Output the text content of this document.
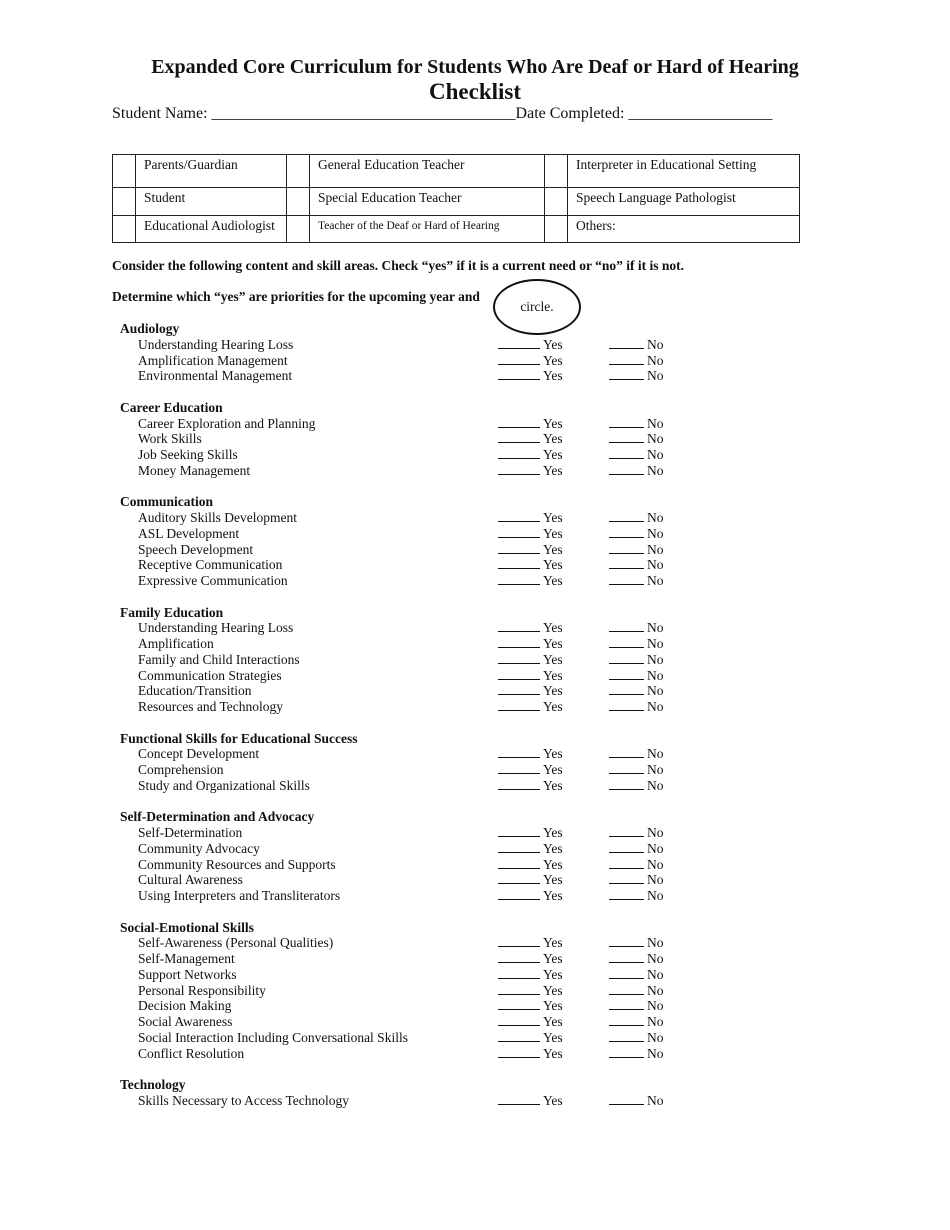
Expanded Core Curriculum for Students Who Are Deaf or Hard of Hearing
Checklist
Student Name: ______________________________________Date Completed: __________________
	Parents/Guardian		General Education Teacher		Interpreter in Educational Setting
	Student		Special Education Teacher		Speech Language Pathologist
	Educational Audiologist		Teacher of the Deaf or Hard of Hearing		Others:
Consider the following content and skill areas. Check “yes” if it is a current need or “no” if it is not.
Determine which “yes” are priorities for the upcoming year and
circle.
Audiology
Understanding Hearing Loss	Yes	No
Amplification Management	Yes	No
Environmental Management	Yes	No
Career Education
Career Exploration and Planning	Yes	No
Work Skills	Yes	No
Job Seeking Skills	Yes	No
Money Management	Yes	No
Communication
Auditory Skills Development	Yes	No
ASL Development	Yes	No
Speech Development	Yes	No
Receptive Communication	Yes	No
Expressive Communication	Yes	No
Family Education
Understanding Hearing Loss	Yes	No
Amplification	Yes	No
Family and Child Interactions	Yes	No
Communication Strategies	Yes	No
Education/Transition	Yes	No
Resources and Technology	Yes	No
Functional Skills for Educational Success
Concept Development	Yes	No
Comprehension	Yes	No
Study and Organizational Skills	Yes	No
Self-Determination and Advocacy
Self-Determination	Yes	No
Community Advocacy	Yes	No
Community Resources and Supports	Yes	No
Cultural Awareness	Yes	No
Using Interpreters and Transliterators	Yes	No
Social-Emotional Skills
Self-Awareness (Personal Qualities)	Yes	No
Self-Management	Yes	No
Support Networks	Yes	No
Personal Responsibility	Yes	No
Decision Making	Yes	No
Social Awareness	Yes	No
Social Interaction Including Conversational Skills	Yes	No
Conflict Resolution	Yes	No
Technology
Skills Necessary to Access Technology	Yes	No
